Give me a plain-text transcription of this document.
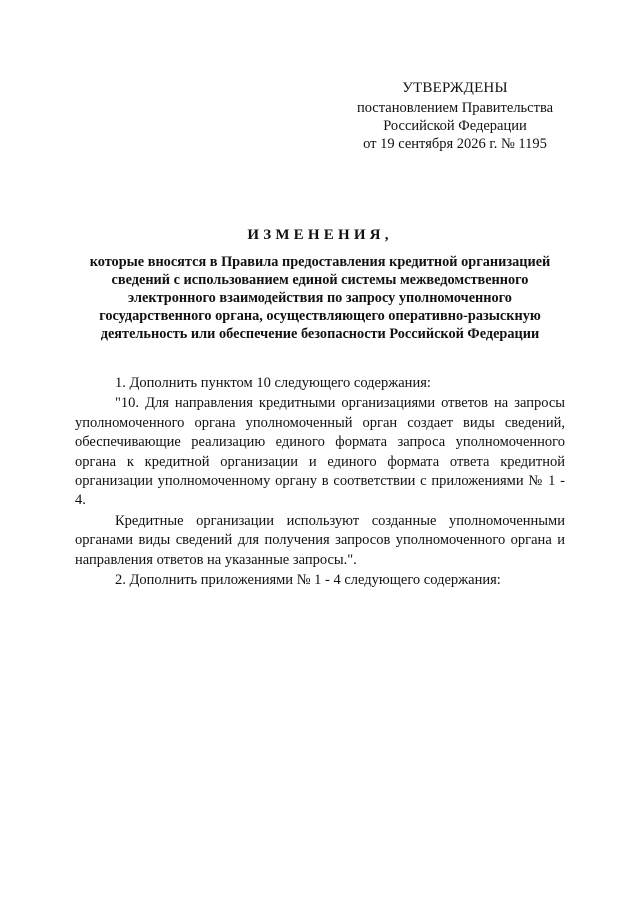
УТВЕРЖДЕНЫ
постановлением Правительства
Российской Федерации
от 19 сентября 2026 г. № 1195
ИЗМЕНЕНИЯ,
которые вносятся в Правила предоставления кредитной организацией
сведений с использованием единой системы межведомственного
электронного взаимодействия по запросу уполномоченного
государственного органа, осуществляющего оперативно-разыскную
деятельность или обеспечение безопасности Российской Федерации

1. Дополнить пунктом 10 следующего содержания:

"10. Для направления кредитными организациями ответов на запросы уполномоченного органа уполномоченный орган создает виды сведений, обеспечивающие реализацию единого формата запроса уполномоченного органа к кредитной организации и единого формата ответа кредитной организации уполномоченному органу в соответствии с приложениями № 1 - 4.

Кредитные организации используют созданные уполномоченными органами виды сведений для получения запросов уполномоченного органа и направления ответов на указанные запросы.".

2. Дополнить приложениями № 1 - 4 следующего содержания:
